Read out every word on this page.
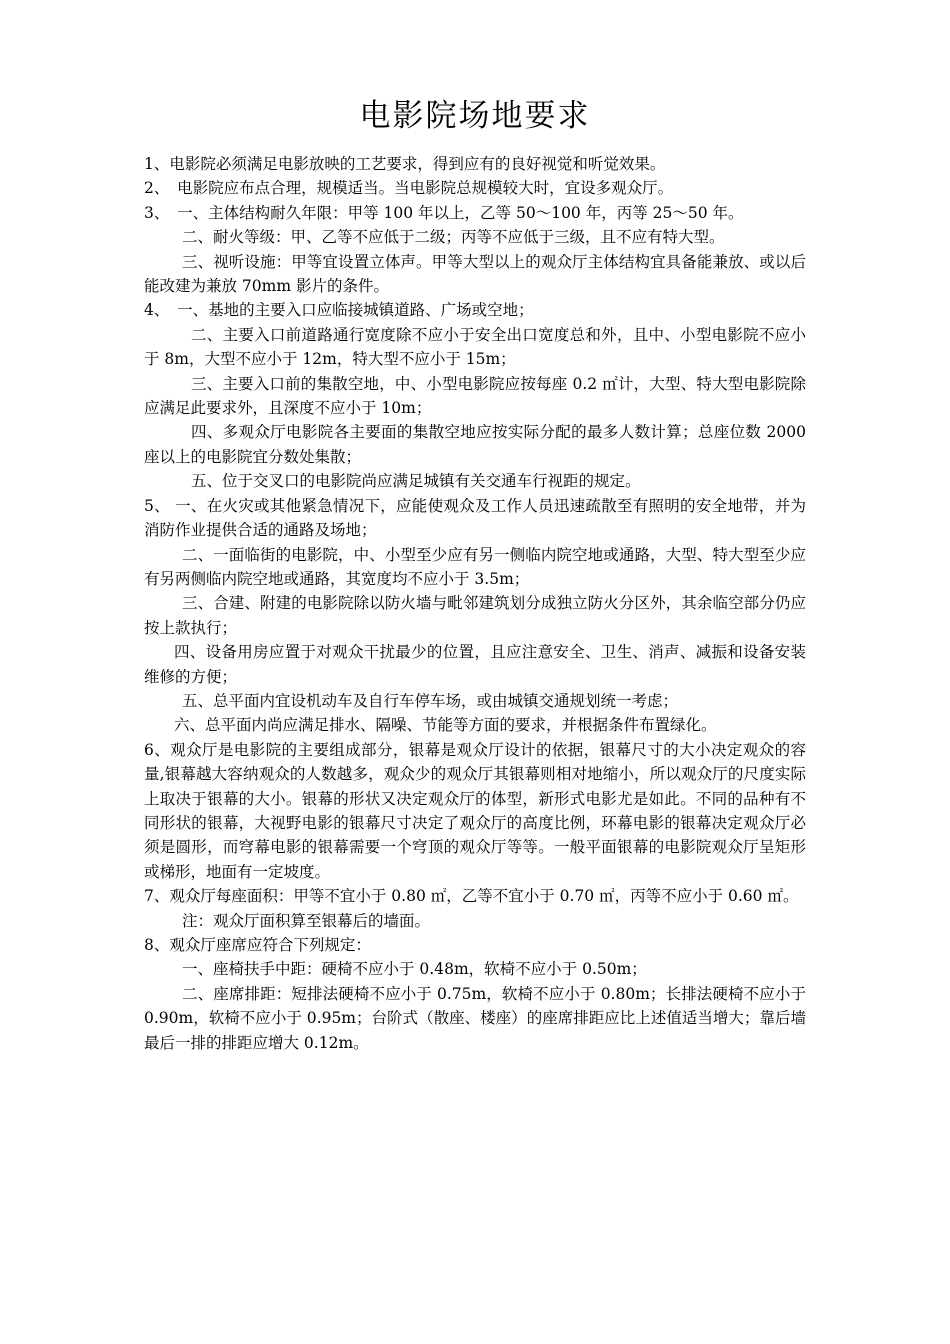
电影院场地要求

1、电影院必须满足电影放映的工艺要求，得到应有的良好视觉和听觉效果。

2、　电影院应布点合理，规模适当。当电影院总规模较大时，宜设多观众厅。

3、　一、主体结构耐久年限：甲等 100 年以上，乙等 50～100 年，丙等 25～50 年。

二、耐火等级：甲、乙等不应低于二级；丙等不应低于三级，且不应有特大型。

三、视听设施：甲等宜设置立体声。甲等大型以上的观众厅主体结构宜具备能兼放、或以后能改建为兼放 70mm 影片的条件。

4、　一、基地的主要入口应临接城镇道路、广场或空地；

二、主要入口前道路通行宽度除不应小于安全出口宽度总和外，且中、小型电影院不应小于 8m，大型不应小于 12m，特大型不应小于 15m；

三、主要入口前的集散空地，中、小型电影院应按每座 0.2 ㎡计，大型、特大型电影院除应满足此要求外，且深度不应小于 10m；

四、多观众厅电影院各主要面的集散空地应按实际分配的最多人数计算；总座位数 2000 座以上的电影院宜分数处集散；

五、位于交叉口的电影院尚应满足城镇有关交通车行视距的规定。

5、 一、在火灾或其他紧急情况下，应能使观众及工作人员迅速疏散至有照明的安全地带，并为消防作业提供合适的通路及场地；

二、一面临街的电影院，中、小型至少应有另一侧临内院空地或通路，大型、特大型至少应有另两侧临内院空地或通路，其宽度均不应小于 3.5m；

三、合建、附建的电影院除以防火墙与毗邻建筑划分成独立防火分区外，其余临空部分仍应按上款执行；

四、设备用房应置于对观众干扰最少的位置，且应注意安全、卫生、消声、减振和设备安装维修的方便；

五、总平面内宜设机动车及自行车停车场，或由城镇交通规划统一考虑；

六、总平面内尚应满足排水、隔噪、节能等方面的要求，并根据条件布置绿化。

6、观众厅是电影院的主要组成部分，银幕是观众厅设计的依据，银幕尺寸的大小决定观众的容量,银幕越大容纳观众的人数越多，观众少的观众厅其银幕则相对地缩小，所以观众厅的尺度实际上取决于银幕的大小。银幕的形状又决定观众厅的体型，新形式电影尤是如此。不同的品种有不同形状的银幕，大视野电影的银幕尺寸决定了观众厅的高度比例，环幕电影的银幕决定观众厅必须是圆形，而穹幕电影的银幕需要一个穹顶的观众厅等等。一般平面银幕的电影院观众厅呈矩形或梯形，地面有一定坡度。

7、观众厅每座面积：甲等不宜小于 0.80 ㎡，乙等不宜小于 0.70 ㎡，丙等不应小于 0.60 ㎡。

注：观众厅面积算至银幕后的墙面。

8、观众厅座席应符合下列规定：

一、座椅扶手中距：硬椅不应小于 0.48m，软椅不应小于 0.50m；

二、座席排距：短排法硬椅不应小于 0.75m，软椅不应小于 0.80m；长排法硬椅不应小于 0.90m，软椅不应小于 0.95m；台阶式（散座、楼座）的座席排距应比上述值适当增大；靠后墙最后一排的排距应增大 0.12m。
